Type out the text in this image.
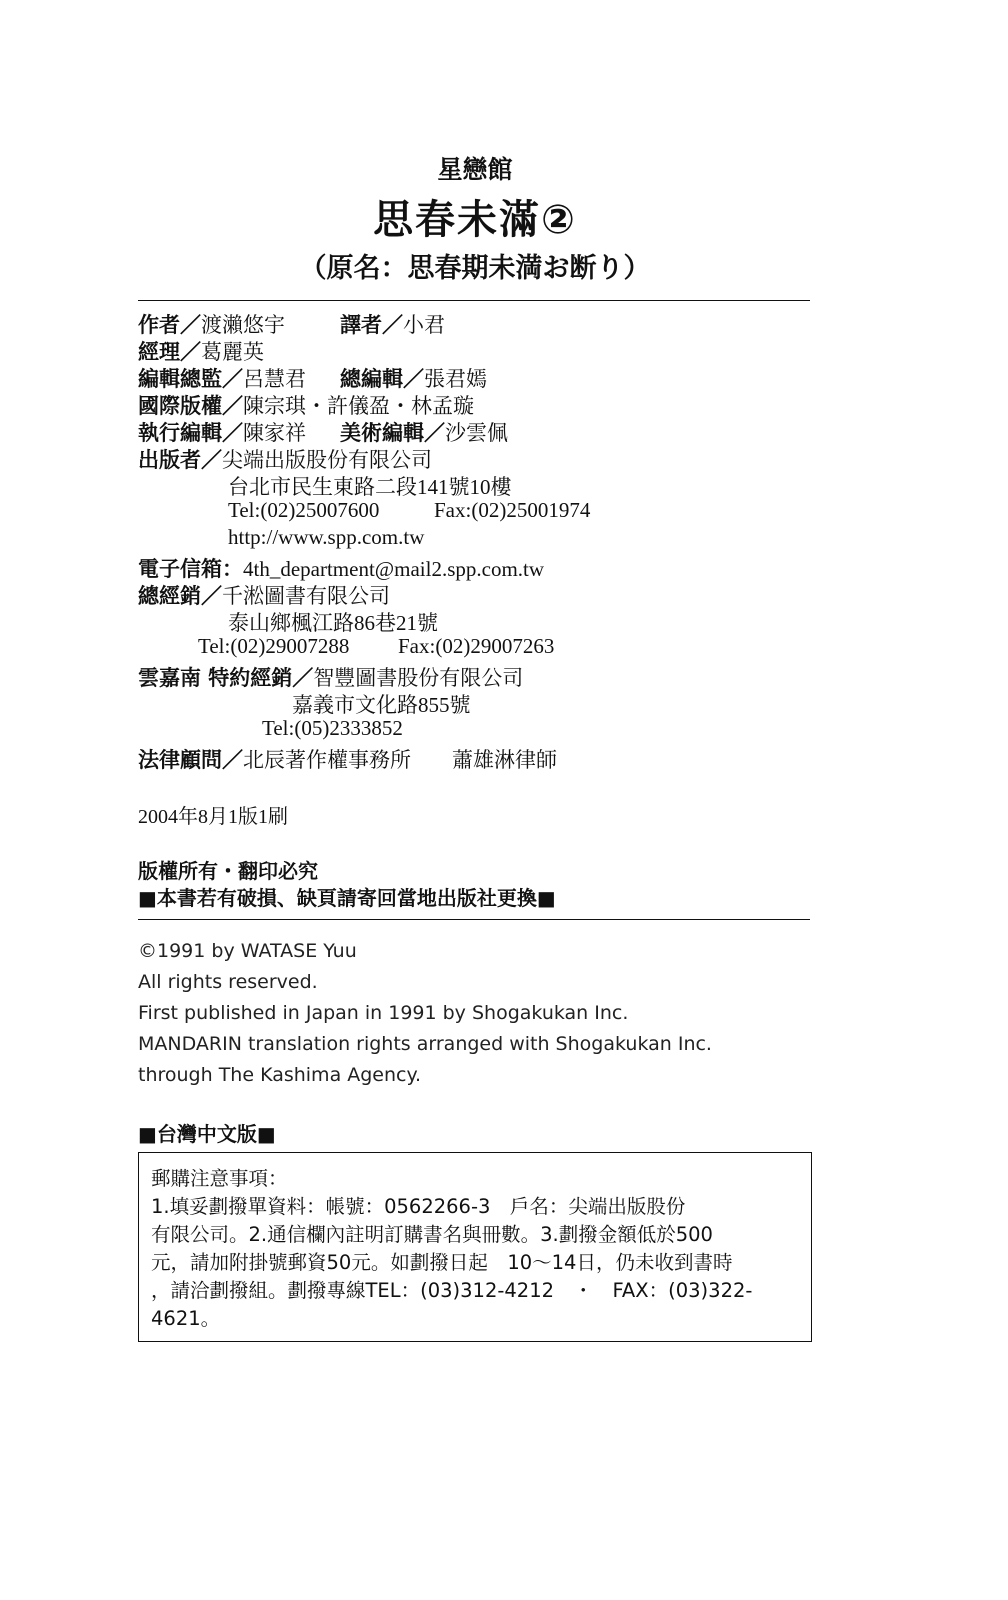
星戀館
思春未滿②
（原名：思春期未満お断り）
作者／渡瀨悠宇	譯者／小君
經理／葛麗英
編輯總監／呂慧君 總編輯／張君嫣
國際版權／陳宗琪・許儀盈・林孟璇
執行編輯／陳家祥 美術編輯／沙雲佩
出版者／尖端出版股份有限公司
台北市民生東路二段141號10樓
Tel:(02)25007600	Fax:(02)25001974
http://www.spp.com.tw
電子信箱：4th_department@mail2.spp.com.tw
總經銷／千淞圖書有限公司
泰山鄉楓江路86巷21號
Tel:(02)29007288 Fax:(02)29007263
雲嘉南 特約經銷／智豐圖書股份有限公司
嘉義市文化路855號
Tel:(05)2333852
法律顧問／北辰著作權事務所 蕭雄淋律師
2004年8月1版1刷
版權所有・翻印必究
■本書若有破損、缺頁請寄回當地出版社更換■
©1991 by WATASE Yuu
All rights reserved.
First published in Japan in 1991 by Shogakukan Inc.
MANDARIN translation rights arranged with Shogakukan Inc.
through The Kashima Agency.
■台灣中文版■
郵購注意事項：
1.填妥劃撥單資料：帳號：0562266-3　戶名：尖端出版股份
有限公司。2.通信欄內註明訂購書名與冊數。3.劃撥金額低於500
元，請加附掛號郵資50元。如劃撥日起　10～14日，仍未收到書時
，請洽劃撥組。劃撥專線TEL：(03)312-4212　・　FAX：(03)322-
4621。
